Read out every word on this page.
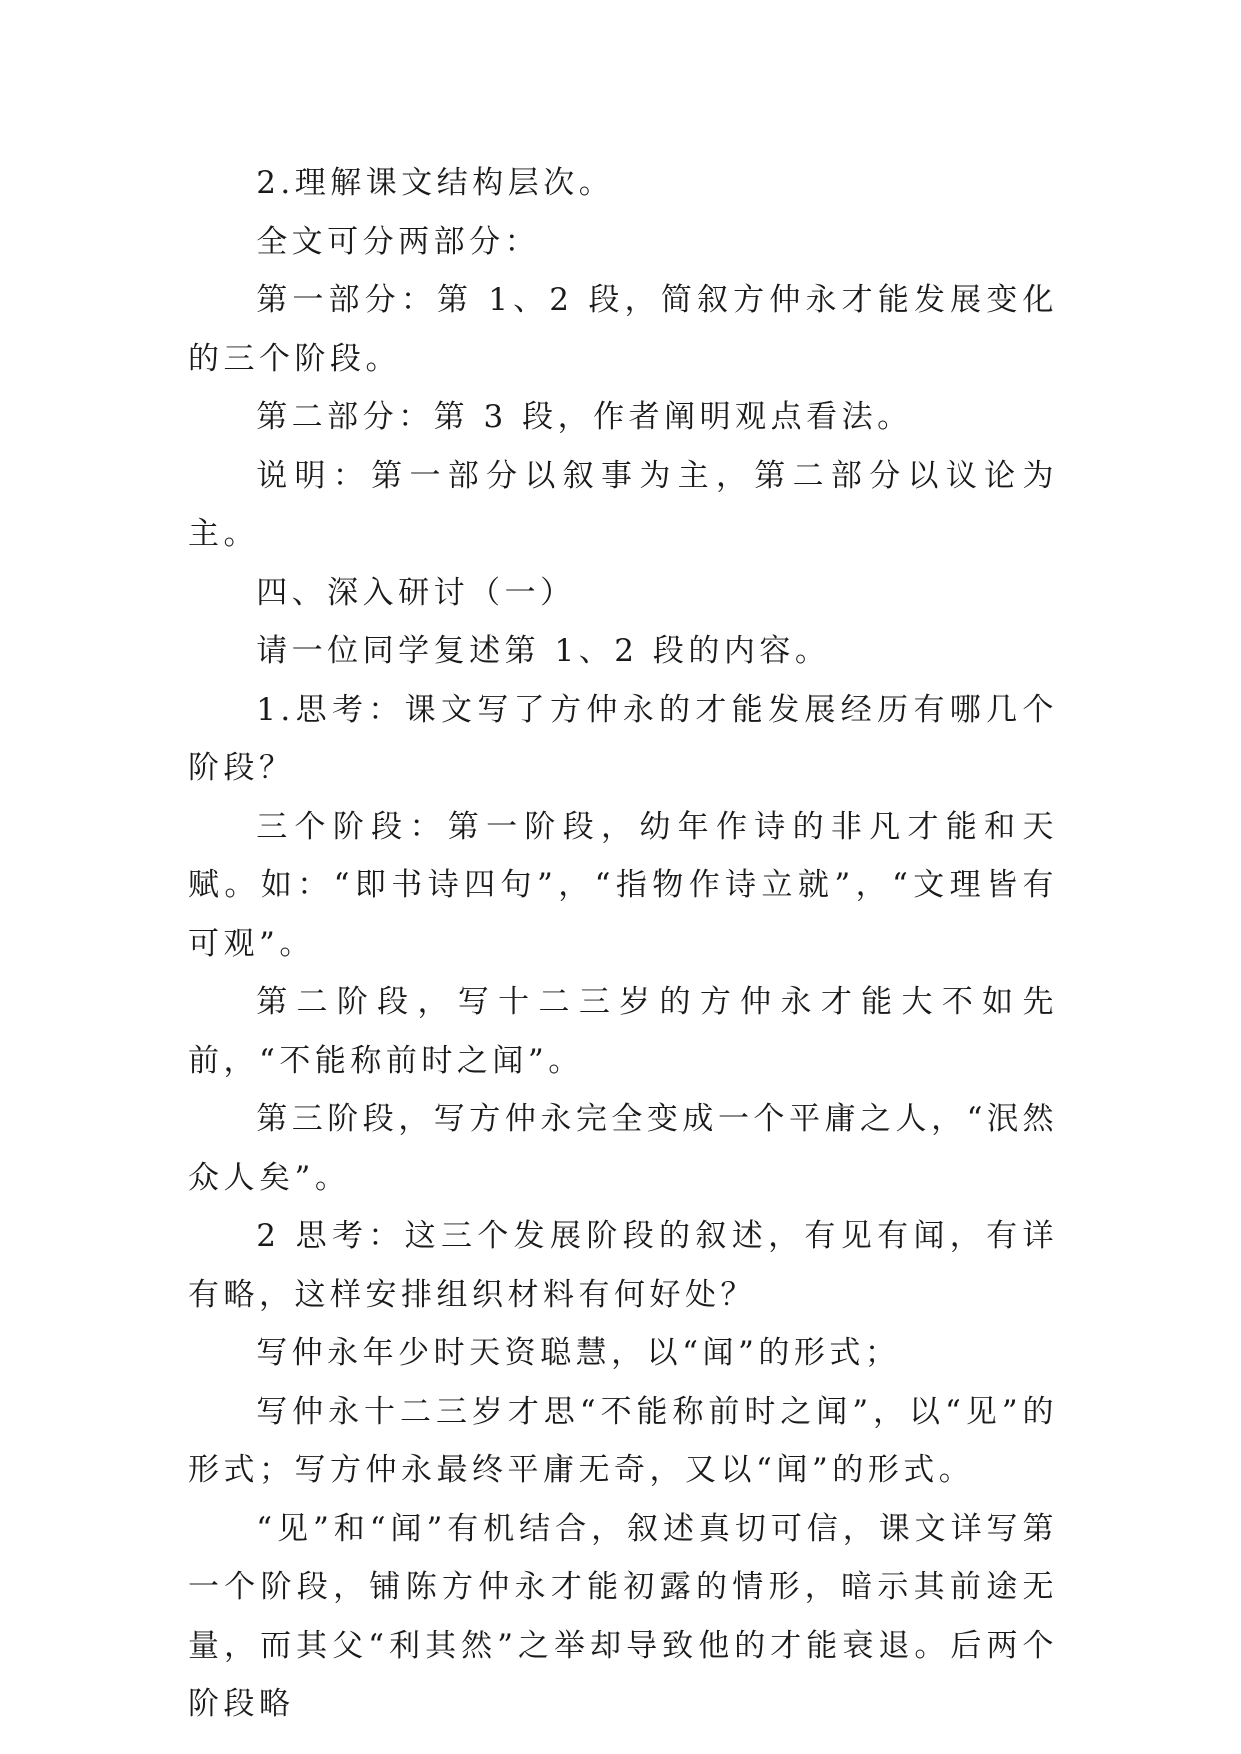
2.理解课文结构层次。

全文可分两部分：

第一部分：第 1、2 段，简叙方仲永才能发展变化的三个阶段。

第二部分：第 3 段，作者阐明观点看法。

说明：第一部分以叙事为主，第二部分以议论为主。

四、深入研讨（一）

请一位同学复述第 1、2 段的内容。

1.思考：课文写了方仲永的才能发展经历有哪几个阶段？

三个阶段：第一阶段，幼年作诗的非凡才能和天赋。如：“即书诗四句”，“指物作诗立就”，“文理皆有可观”。

第二阶段，写十二三岁的方仲永才能大不如先前，“不能称前时之闻”。

第三阶段，写方仲永完全变成一个平庸之人，“泯然众人矣”。

2 思考：这三个发展阶段的叙述，有见有闻，有详有略，这样安排组织材料有何好处？

写仲永年少时天资聪慧，以“闻”的形式；

写仲永十二三岁才思“不能称前时之闻”，以“见”的形式；写方仲永最终平庸无奇，又以“闻”的形式。

“见”和“闻”有机结合，叙述真切可信，课文详写第一个阶段，铺陈方仲永才能初露的情形，暗示其前途无量，而其父“利其然”之举却导致他的才能衰退。后两个阶段略
